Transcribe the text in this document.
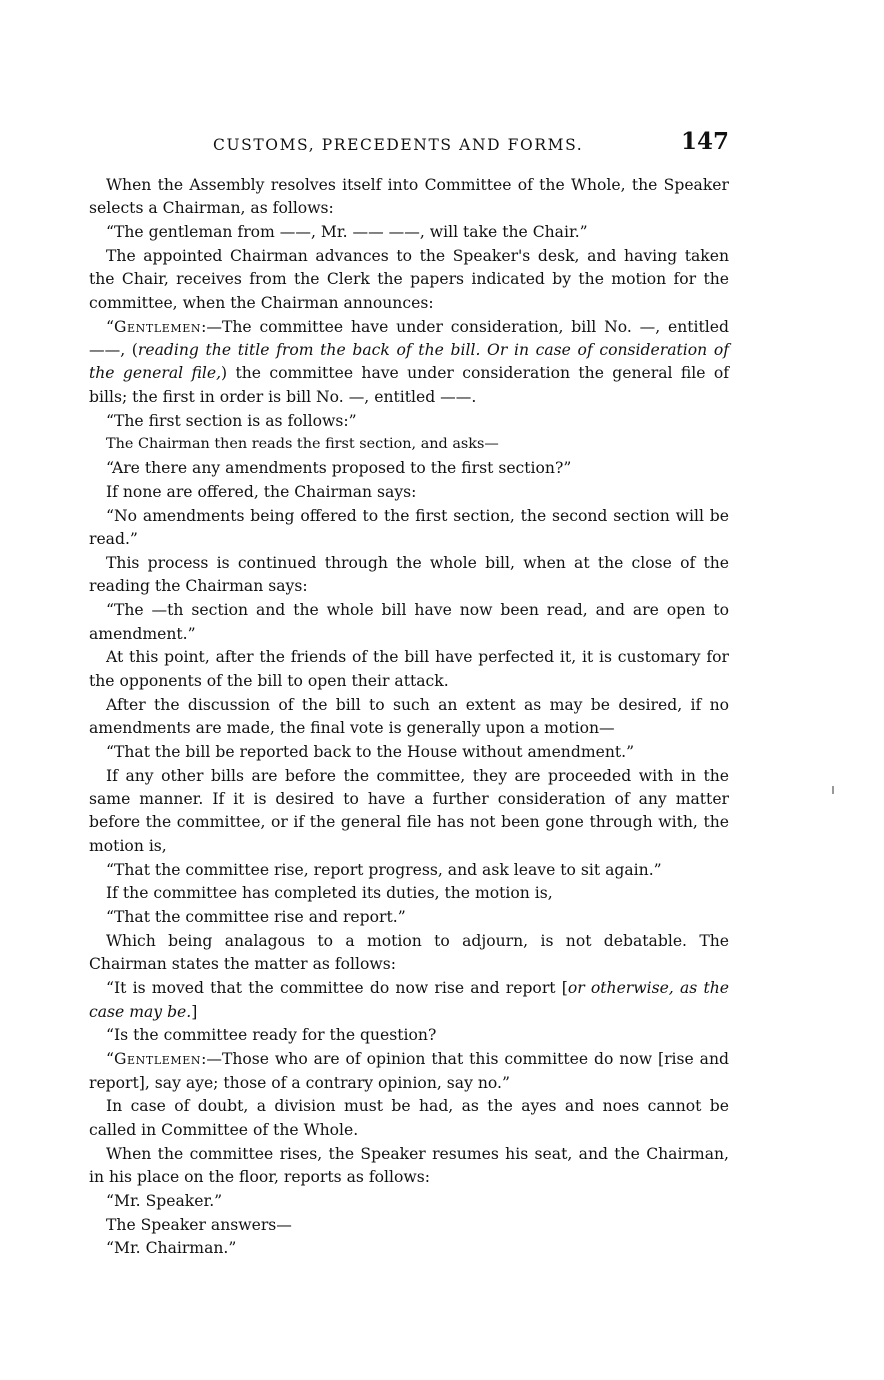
CUSTOMS, PRECEDENTS AND FORMS.	147

When the Assembly resolves itself into Committee of the Whole, the Speaker selects a Chairman, as follows:

“The gentleman from ——, Mr. —— ——, will take the Chair.”

The appointed Chairman advances to the Speaker's desk, and having taken the Chair, receives from the Clerk the papers indicated by the motion for the committee, when the Chairman announces:

“Gentlemen:—The committee have under consideration, bill No. —, entitled ——, (reading the title from the back of the bill. Or in case of consideration of the general file,) the committee have under consideration the general file of bills; the first in order is bill No. —, entitled ——.

“The first section is as follows:”

The Chairman then reads the first section, and asks—

“Are there any amendments proposed to the first section?”

If none are offered, the Chairman says:

“No amendments being offered to the first section, the second section will be read.”

This process is continued through the whole bill, when at the close of the reading the Chairman says:

“The —th section and the whole bill have now been read, and are open to amendment.”

At this point, after the friends of the bill have perfected it, it is customary for the opponents of the bill to open their attack.

After the discussion of the bill to such an extent as may be desired, if no amendments are made, the final vote is generally upon a motion—

“That the bill be reported back to the House without amendment.”

If any other bills are before the committee, they are proceeded with in the same manner. If it is desired to have a further consideration of any matter before the committee, or if the general file has not been gone through with, the motion is,

“That the committee rise, report progress, and ask leave to sit again.”

If the committee has completed its duties, the motion is,

“That the committee rise and report.”

Which being analagous to a motion to adjourn, is not debatable. The Chairman states the matter as follows:

“It is moved that the committee do now rise and report [or otherwise, as the case may be.]

“Is the committee ready for the question?

“Gentlemen:—Those who are of opinion that this committee do now [rise and report], say aye; those of a contrary opinion, say no.”

In case of doubt, a division must be had, as the ayes and noes cannot be called in Committee of the Whole.

When the committee rises, the Speaker resumes his seat, and the Chairman, in his place on the floor, reports as follows:

“Mr. Speaker.”

The Speaker answers—

“Mr. Chairman.”
